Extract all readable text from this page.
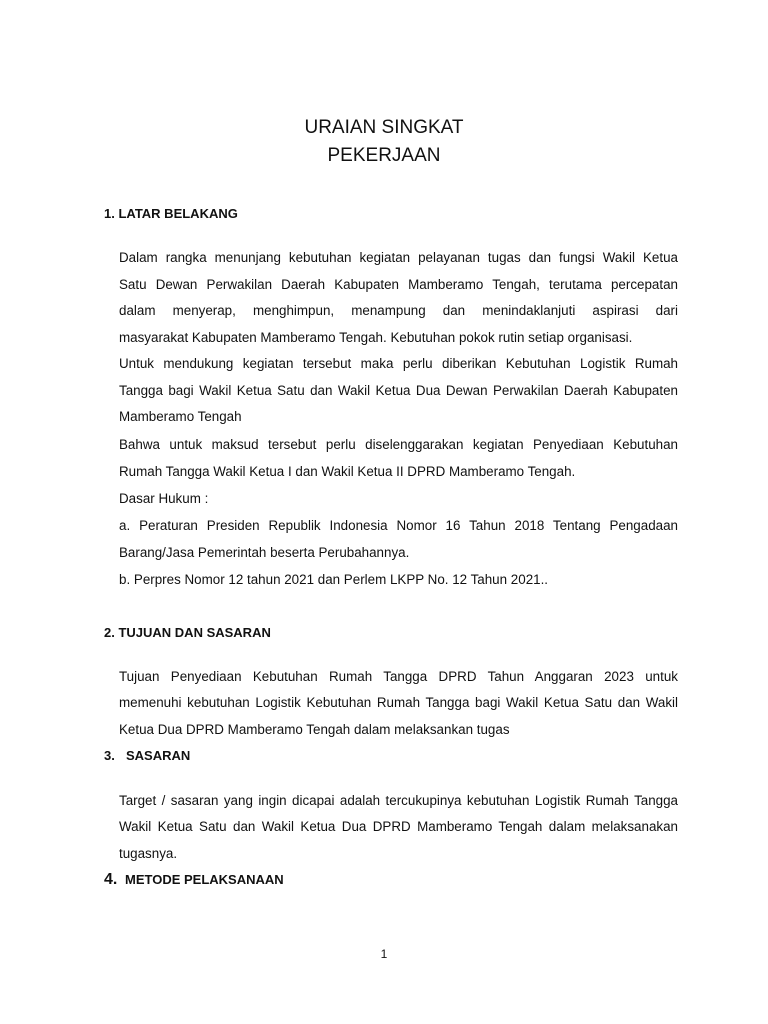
URAIAN SINGKAT
PEKERJAAN
1. LATAR BELAKANG
Dalam rangka menunjang kebutuhan kegiatan pelayanan tugas dan fungsi Wakil Ketua
Satu Dewan Perwakilan Daerah Kabupaten Mamberamo Tengah, terutama percepatan
dalam menyerap, menghimpun, menampung dan menindaklanjuti aspirasi dari
masyarakat Kabupaten Mamberamo Tengah. Kebutuhan pokok rutin setiap organisasi.
Untuk mendukung kegiatan tersebut maka perlu diberikan Kebutuhan Logistik Rumah
Tangga bagi Wakil Ketua Satu dan Wakil Ketua Dua Dewan Perwakilan Daerah Kabupaten
Mamberamo Tengah
Bahwa untuk maksud tersebut perlu diselenggarakan kegiatan Penyediaan Kebutuhan
Rumah Tangga Wakil Ketua I dan Wakil Ketua II DPRD Mamberamo Tengah.
Dasar Hukum :
a. Peraturan Presiden Republik Indonesia Nomor 16 Tahun 2018 Tentang Pengadaan
Barang/Jasa Pemerintah beserta Perubahannya.
b. Perpres Nomor 12 tahun 2021 dan Perlem LKPP No. 12 Tahun 2021..
2. TUJUAN DAN SASARAN
Tujuan Penyediaan Kebutuhan Rumah Tangga DPRD Tahun Anggaran 2023 untuk
memenuhi kebutuhan Logistik Kebutuhan Rumah Tangga bagi Wakil Ketua Satu dan Wakil
Ketua Dua DPRD Mamberamo Tengah dalam melaksankan tugas
3. SASARAN
Target / sasaran yang ingin dicapai adalah tercukupinya kebutuhan Logistik Rumah Tangga
Wakil Ketua Satu dan Wakil Ketua Dua DPRD Mamberamo Tengah dalam melaksanakan
tugasnya.
4. METODE PELAKSANAAN
1
